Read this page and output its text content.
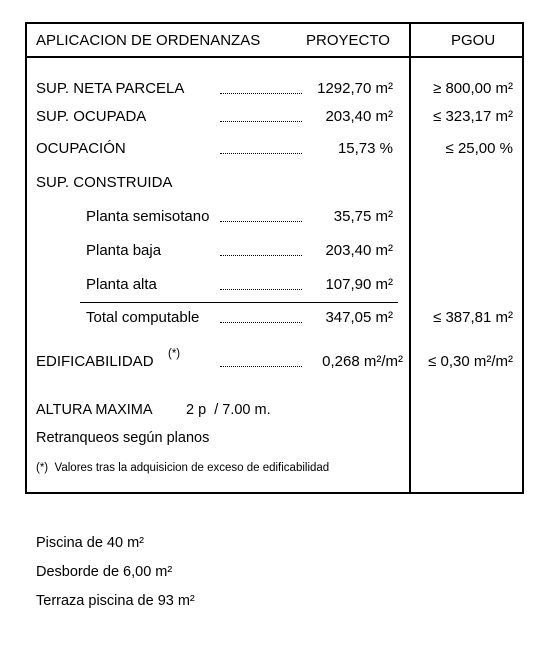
APLICACION DE ORDENANZAS	PROYECTO	PGOU
SUP. NETA PARCELA	1292,70 m²	≥ 800,00 m²
SUP. OCUPADA	203,40 m²	≤ 323,17 m²
OCUPACIÓN	15,73 %	≤ 25,00 %
SUP. CONSTRUIDA
Planta semisotano	35,75 m²
Planta baja	203,40 m²
Planta alta	107,90 m²
Total computable	347,05 m²	≤ 387,81 m²
EDIFICABILIDAD (*)	0,268 m²/m²	≤ 0,30 m²/m²
ALTURA MAXIMA 2 p  / 7.00 m.
Retranqueos según planos
(*)  Valores tras la adquisicion de exceso de edificabilidad
Piscina de 40 m²
Desborde de 6,00 m²
Terraza piscina de 93 m²
